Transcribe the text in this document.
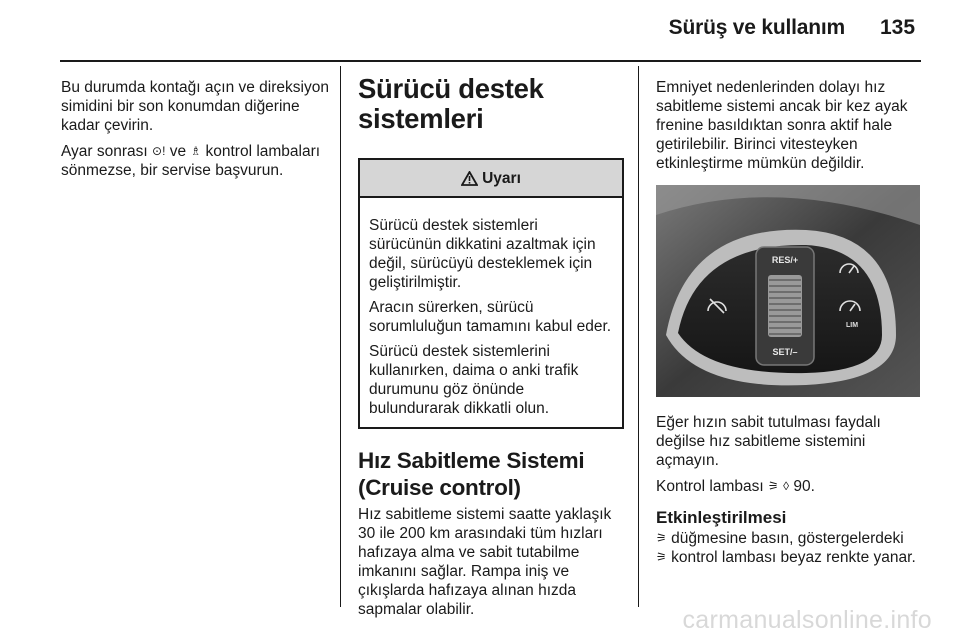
Sürüş ve kullanım 135

Bu durumda kontağı açın ve direksiyon simidini bir son konumdan diğerine kadar çevirin.

Ayar sonrası ⊙! ve ♗ kontrol lambaları sönmezse, bir servise başvurun.

Sürücü destek sistemleri
Uyarı

Sürücü destek sistemleri sürücünün dikkatini azaltmak için değil, sürücüyü desteklemek için geliştirilmiştir.

Aracın sürerken, sürücü sorumluluğun tamamını kabul eder.

Sürücü destek sistemlerini kullanırken, daima o anki trafik durumunu göz önünde bulundurarak dikkatli olun.

Hız Sabitleme Sistemi (Cruise control)

Hız sabitleme sistemi saatte yaklaşık 30 ile 200 km arasındaki tüm hızları hafızaya alma ve sabit tutabilme imkanını sağlar. Rampa iniş ve çıkışlarda hafızaya alınan hızda sapmalar olabilir.

Emniyet nedenlerinden dolayı hız sabitleme sistemi ancak bir kez ayak frenine basıldıktan sonra aktif hale getirilebilir. Birinci vitesteyken etkinleştirme mümkün değildir.

RES/+
SET/–
LIM

Eğer hızın sabit tutulması faydalı değilse hız sabitleme sistemini açmayın.

Kontrol lambası ⚞ ◊ 90.

Etkinleştirilmesi

⚞ düğmesine basın, göstergelerdeki
⚞ kontrol lambası beyaz renkte yanar.

carmanualsonline.info
